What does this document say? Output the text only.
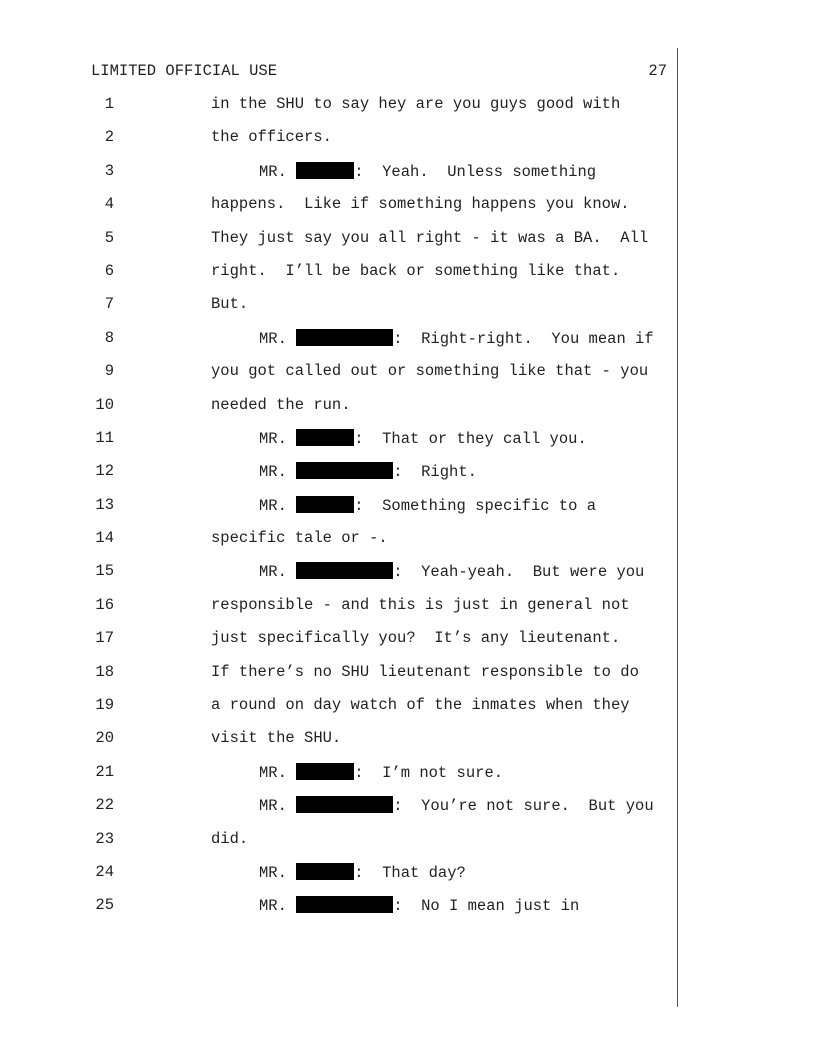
LIMITED OFFICIAL USE	27
1	in the SHU to say hey are you guys good with
2	the officers.
3	MR.	:  Yeah.  Unless something
4	happens.  Like if something happens you know.
5	They just say you all right - it was a BA.  All
6	right.  I’ll be back or something like that.
7	But.
8	MR.	:  Right-right.  You mean if
9	you got called out or something like that - you
10	needed the run.
11	MR.	:  That or they call you.
12	MR.	:  Right.
13	MR.	:  Something specific to a
14	specific tale or -.
15	MR.	:  Yeah-yeah.  But were you
16	responsible - and this is just in general not
17	just specifically you?  It’s any lieutenant.
18	If there’s no SHU lieutenant responsible to do
19	a round on day watch of the inmates when they
20	visit the SHU.
21	MR.	:  I’m not sure.
22	MR.	:  You’re not sure.  But you
23	did.
24	MR.	:  That day?
25	MR.	:  No I mean just in
